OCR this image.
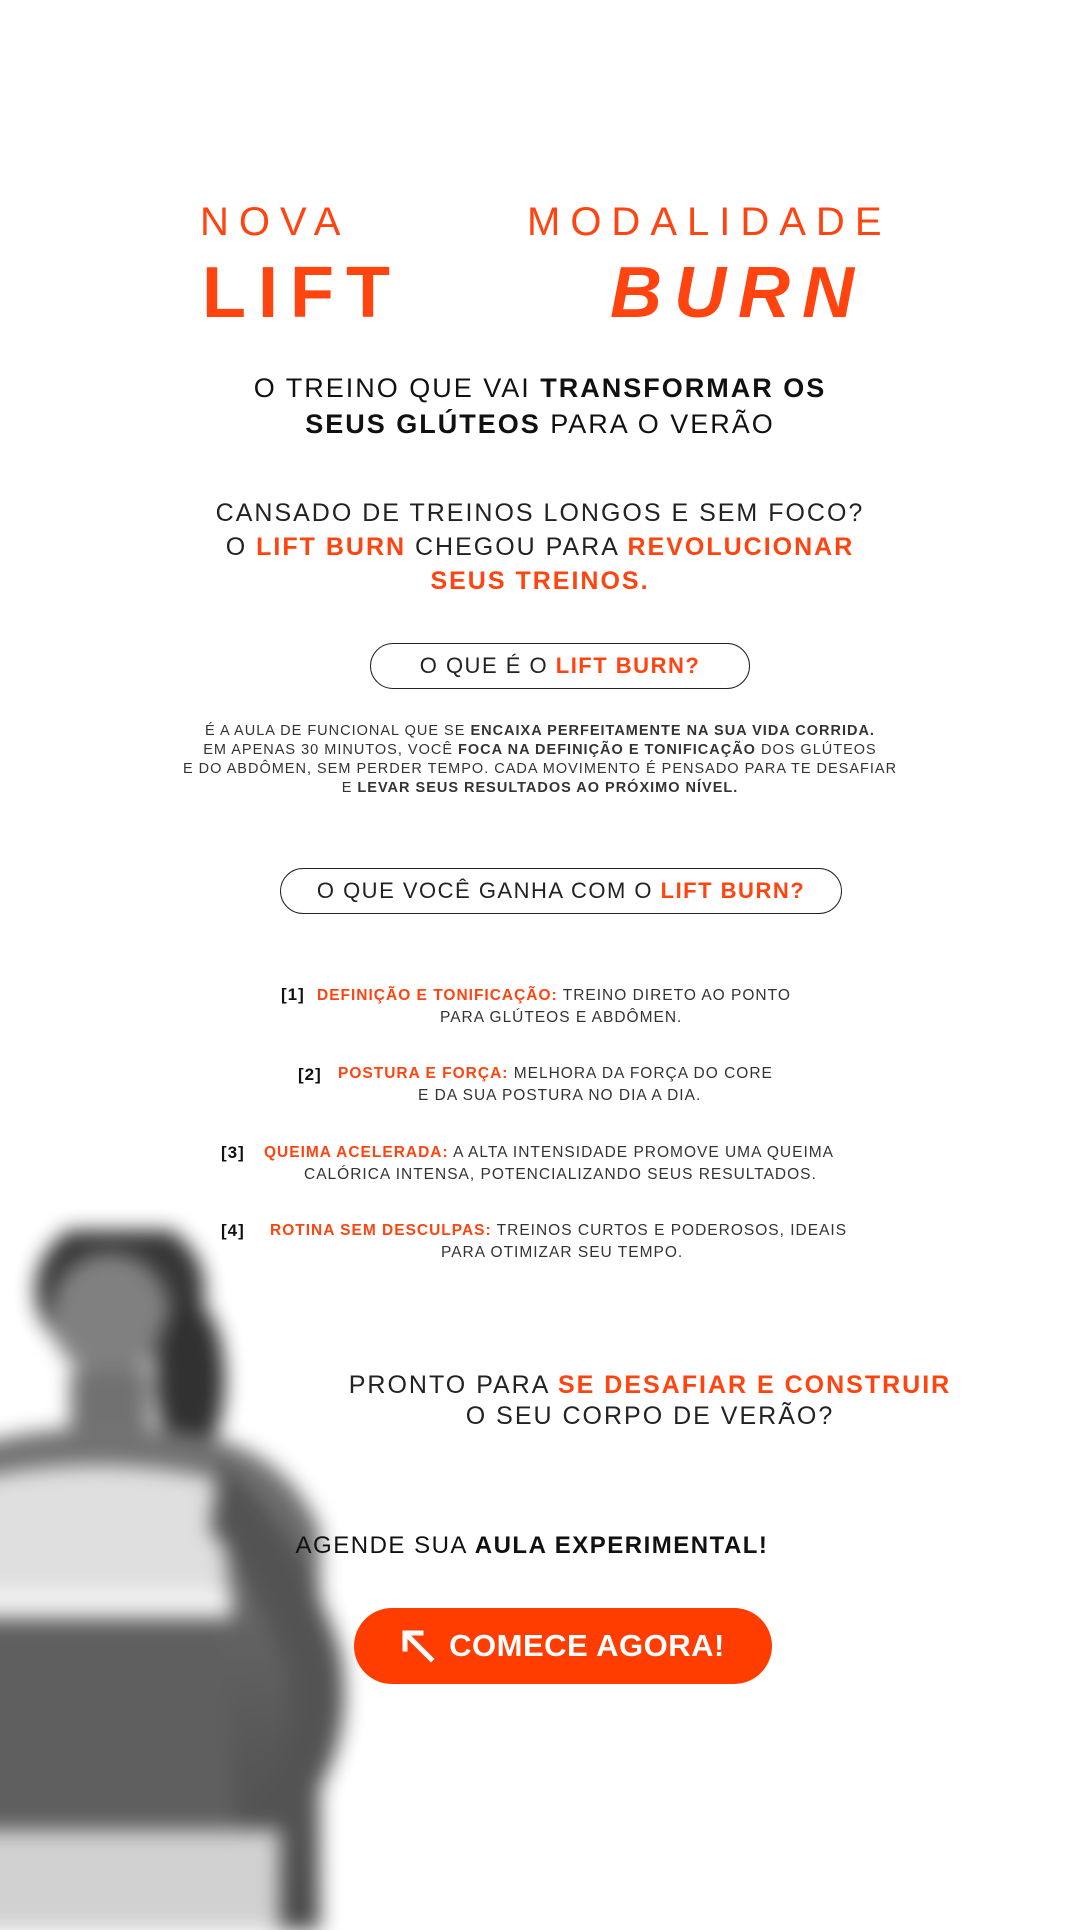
NOVA	MODALIDADE
LIFT	BURN
O TREINO QUE VAI TRANSFORMAR OS
SEUS GLÚTEOS PARA O VERÃO
CANSADO DE TREINOS LONGOS E SEM FOCO?
O LIFT BURN CHEGOU PARA REVOLUCIONAR
SEUS TREINOS.
O QUE É O LIFT BURN?
É A AULA DE FUNCIONAL QUE SE ENCAIXA PERFEITAMENTE NA SUA VIDA CORRIDA.
EM APENAS 30 MINUTOS, VOCÊ FOCA NA DEFINIÇÃO E TONIFICAÇÃO DOS GLÚTEOS
E DO ABDÔMEN, SEM PERDER TEMPO. CADA MOVIMENTO É PENSADO PARA TE DESAFIAR
E LEVAR SEUS RESULTADOS AO PRÓXIMO NÍVEL.
O QUE VOCÊ GANHA COM O LIFT BURN?
[1] DEFINIÇÃO E TONIFICAÇÃO: TREINO DIRETO AO PONTO
PARA GLÚTEOS E ABDÔMEN.
[2] POSTURA E FORÇA: MELHORA DA FORÇA DO CORE
E DA SUA POSTURA NO DIA A DIA.
[3] QUEIMA ACELERADA: A ALTA INTENSIDADE PROMOVE UMA QUEIMA
CALÓRICA INTENSA, POTENCIALIZANDO SEUS RESULTADOS.
[4] ROTINA SEM DESCULPAS: TREINOS CURTOS E PODEROSOS, IDEAIS
PARA OTIMIZAR SEU TEMPO.
PRONTO PARA SE DESAFIAR E CONSTRUIR
O SEU CORPO DE VERÃO?
AGENDE SUA AULA EXPERIMENTAL!
COMECE AGORA!
